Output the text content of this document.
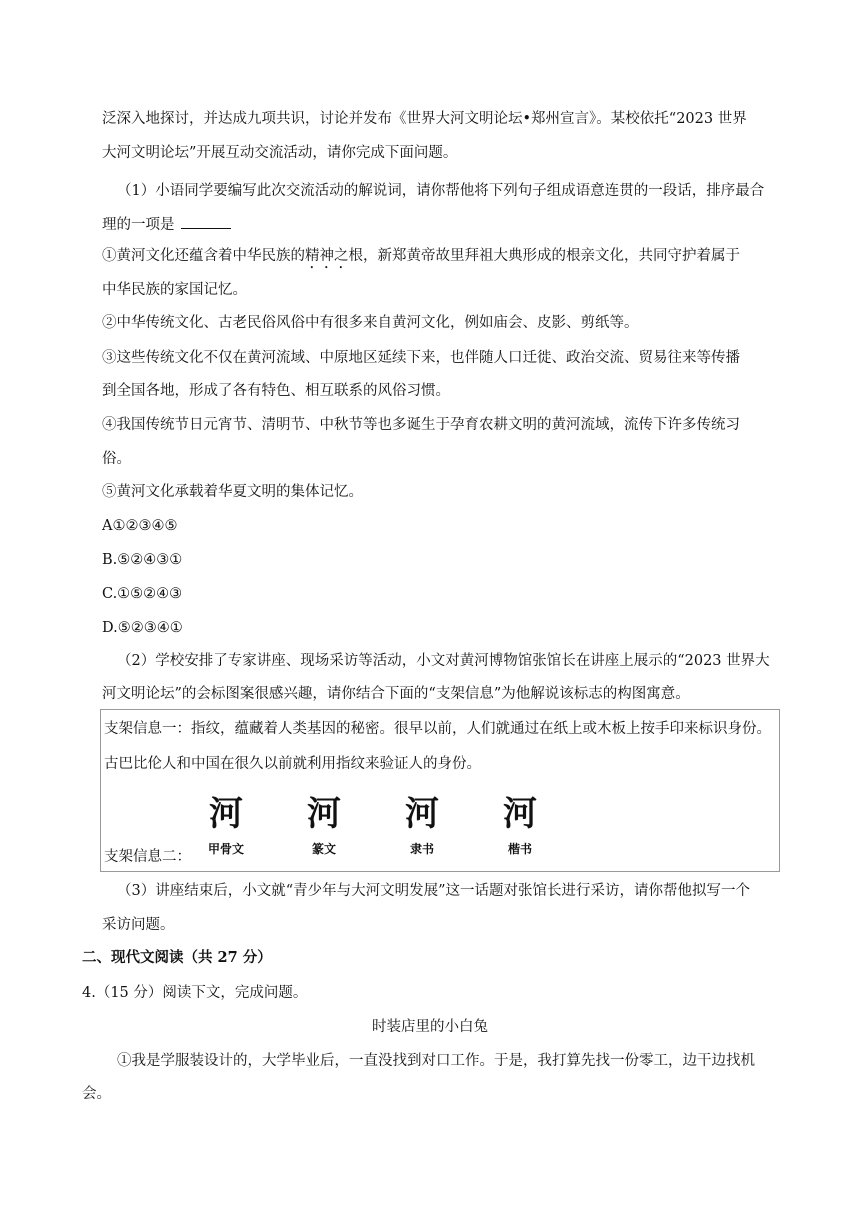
泛深入地探讨，并达成九项共识，讨论并发布《世界大河文明论坛•郑州宣言》。某校依托“2023 世界
大河文明论坛”开展互动交流活动，请你完成下面问题。
（1）小语同学要编写此次交流活动的解说词，请你帮他将下列句子组成语意连贯的一段话，排序最合
理的一项是
①黄河文化还蕴含着中华民族的精神之根，新郑黄帝故里拜祖大典形成的根亲文化，共同守护着属于
中华民族的家国记忆。
②中华传统文化、古老民俗风俗中有很多来自黄河文化，例如庙会、皮影、剪纸等。
③这些传统文化不仅在黄河流域、中原地区延续下来，也伴随人口迁徙、政治交流、贸易往来等传播
到全国各地，形成了各有特色、相互联系的风俗习惯。
④我国传统节日元宵节、清明节、中秋节等也多诞生于孕育农耕文明的黄河流域，流传下许多传统习
俗。
⑤黄河文化承载着华夏文明的集体记忆。
A①②③④⑤
B.⑤②④③①
C.①⑤②④③
D.⑤②③④①
（2）学校安排了专家讲座、现场采访等活动，小文对黄河博物馆张馆长在讲座上展示的“2023 世界大
河文明论坛”的会标图案很感兴趣，请你结合下面的“支架信息”为他解说该标志的构图寓意。
支架信息一：指纹，蕴藏着人类基因的秘密。很早以前，人们就通过在纸上或木板上按手印来标识身份。
古巴比伦人和中国在很久以前就利用指纹来验证人的身份。
支架信息二：
河
甲骨文
河
篆文
河
隶书
河
楷书
（3）讲座结束后，小文就“青少年与大河文明发展”这一话题对张馆长进行采访，请你帮他拟写一个
采访问题。
二、现代文阅读（共 27 分）
4.（15 分）阅读下文，完成问题。
时装店里的小白兔
①我是学服装设计的，大学毕业后，一直没找到对口工作。于是，我打算先找一份零工，边干边找机
会。
